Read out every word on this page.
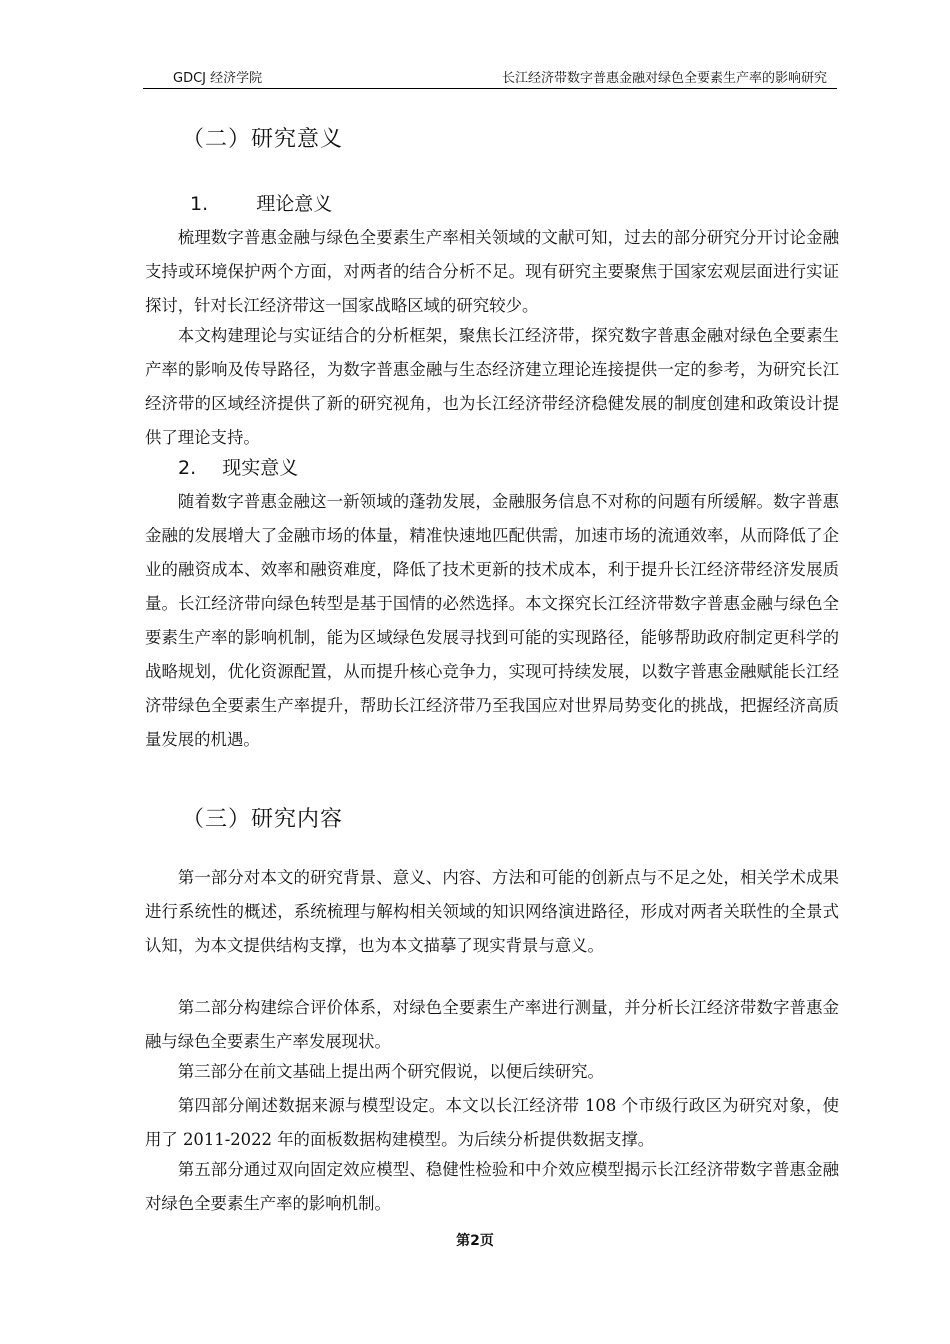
GDCJ 经济学院	长江经济带数字普惠金融对绿色全要素生产率的影响研究
（二）研究意义
1.	理论意义

梳理数字普惠金融与绿色全要素生产率相关领域的文献可知，过去的部分研究分开讨论金融支持或环境保护两个方面，对两者的结合分析不足。现有研究主要聚焦于国家宏观层面进行实证探讨，针对长江经济带这一国家战略区域的研究较少。

本文构建理论与实证结合的分析框架，聚焦长江经济带，探究数字普惠金融对绿色全要素生产率的影响及传导路径，为数字普惠金融与生态经济建立理论连接提供一定的参考，为研究长江经济带的区域经济提供了新的研究视角，也为长江经济带经济稳健发展的制度创建和政策设计提供了理论支持。

2. 现实意义

随着数字普惠金融这一新领域的蓬勃发展，金融服务信息不对称的问题有所缓解。数字普惠金融的发展增大了金融市场的体量，精准快速地匹配供需，加速市场的流通效率，从而降低了企业的融资成本、效率和融资难度，降低了技术更新的技术成本，利于提升长江经济带经济发展质量。长江经济带向绿色转型是基于国情的必然选择。本文探究长江经济带数字普惠金融与绿色全要素生产率的影响机制，能为区域绿色发展寻找到可能的实现路径，能够帮助政府制定更科学的战略规划，优化资源配置，从而提升核心竞争力，实现可持续发展，以数字普惠金融赋能长江经济带绿色全要素生产率提升，帮助长江经济带乃至我国应对世界局势变化的挑战，把握经济高质量发展的机遇。

（三）研究内容

第一部分对本文的研究背景、意义、内容、方法和可能的创新点与不足之处，相关学术成果进行系统性的概述，系统梳理与解构相关领域的知识网络演进路径，形成对两者关联性的全景式认知，为本文提供结构支撑，也为本文描摹了现实背景与意义。

第二部分构建综合评价体系，对绿色全要素生产率进行测量，并分析长江经济带数字普惠金融与绿色全要素生产率发展现状。

第三部分在前文基础上提出两个研究假说，以便后续研究。

第四部分阐述数据来源与模型设定。本文以长江经济带 108 个市级行政区为研究对象，使用了 2011-2022 年的面板数据构建模型。为后续分析提供数据支撑。

第五部分通过双向固定效应模型、稳健性检验和中介效应模型揭示长江经济带数字普惠金融对绿色全要素生产率的影响机制。

第2页
